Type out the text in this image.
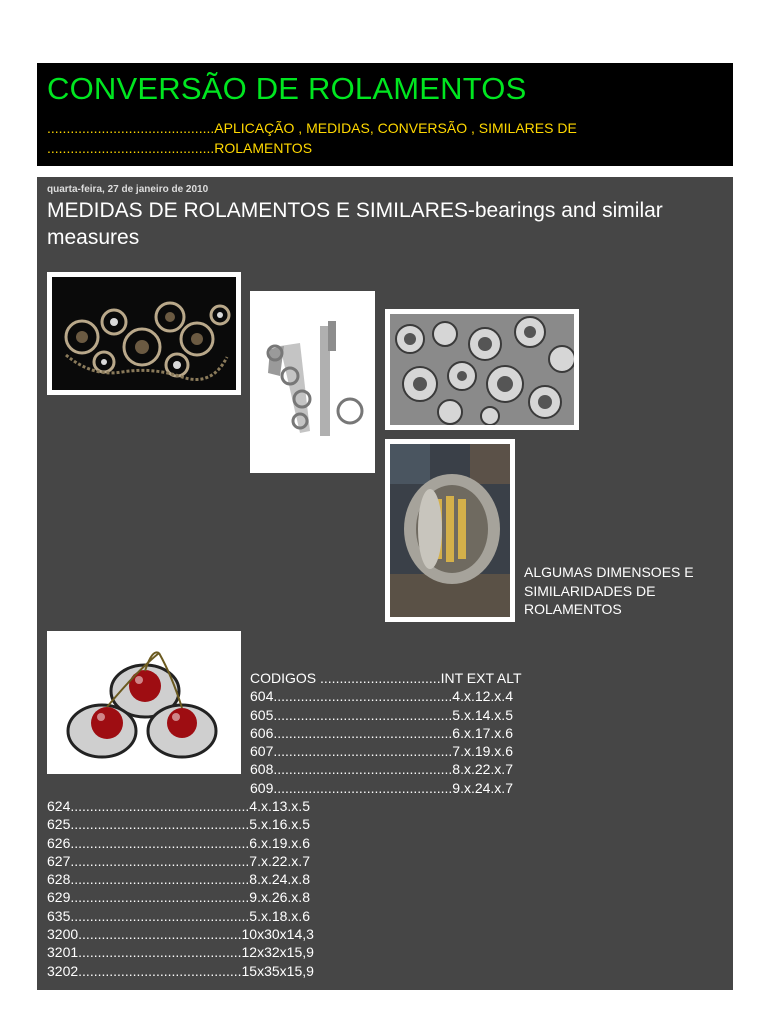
CONVERSÃO DE ROLAMENTOS
...........................................
...........................................
APLICAÇÃO , MEDIDAS, CONVERSÃO , SIMILARES DE ROLAMENTOS
quarta-feira, 27 de janeiro de 2010
MEDIDAS DE ROLAMENTOS E SIMILARES-bearings and similar measures
ALGUMAS DIMENSOES E SIMILARIDADES DE ROLAMENTOS
CODIGOS ...............................INT EXT ALT
604..............................................4.x.12.x.4
605..............................................5.x.14.x.5
606..............................................6.x.17.x.6
607..............................................7.x.19.x.6
608..............................................8.x.22.x.7
609..............................................9.x.24.x.7
624..............................................4.x.13.x.5
625..............................................5.x.16.x.5
626..............................................6.x.19.x.6
627..............................................7.x.22.x.7
628..............................................8.x.24.x.8
629..............................................9.x.26.x.8
635..............................................5.x.18.x.6
3200..........................................10x30x14,3
3201..........................................12x32x15,9
3202..........................................15x35x15,9
